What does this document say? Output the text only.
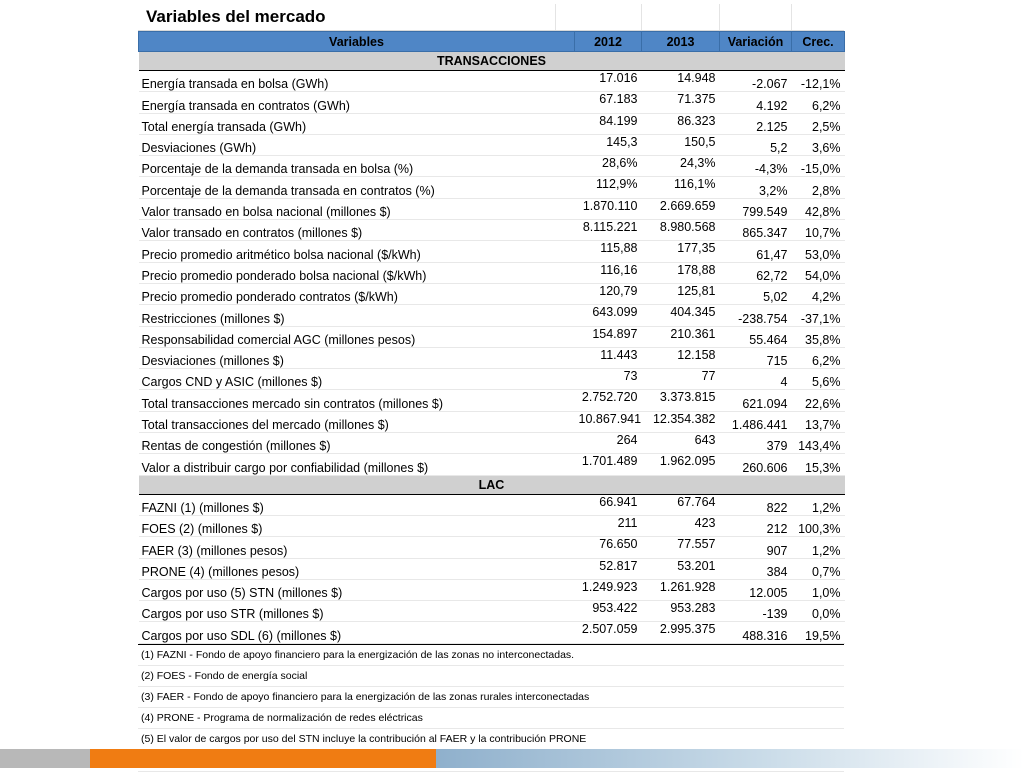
Variables del mercado
Variables	2012	2013	Variación	Crec.
TRANSACCIONES				
Energía transada en bolsa (GWh)	17.016	14.948	-2.067	-12,1%
Energía transada en contratos (GWh)	67.183	71.375	4.192	6,2%
Total energía transada (GWh)	84.199	86.323	2.125	2,5%
Desviaciones (GWh)	145,3	150,5	5,2	3,6%
Porcentaje de la demanda transada en bolsa (%)	28,6%	24,3%	-4,3%	-15,0%
Porcentaje de la demanda transada en contratos (%)	112,9%	116,1%	3,2%	2,8%
Valor transado en bolsa nacional (millones $)	1.870.110	2.669.659	799.549	42,8%
Valor transado en contratos (millones $)	8.115.221	8.980.568	865.347	10,7%
Precio promedio aritmético bolsa nacional ($/kWh)	115,88	177,35	61,47	53,0%
Precio promedio ponderado bolsa nacional ($/kWh)	116,16	178,88	62,72	54,0%
Precio promedio ponderado contratos ($/kWh)	120,79	125,81	5,02	4,2%
Restricciones (millones $)	643.099	404.345	-238.754	-37,1%
Responsabilidad comercial AGC (millones pesos)	154.897	210.361	55.464	35,8%
Desviaciones (millones $)	11.443	12.158	715	6,2%
Cargos CND y ASIC (millones $)	73	77	4	5,6%
Total transacciones mercado sin contratos (millones $)	2.752.720	3.373.815	621.094	22,6%
Total transacciones del mercado (millones $)	10.867.941	12.354.382	1.486.441	13,7%
Rentas de congestión (millones $)	264	643	379	143,4%
Valor a distribuir cargo por confiabilidad (millones $)	1.701.489	1.962.095	260.606	15,3%
LAC				
FAZNI (1) (millones $)	66.941	67.764	822	1,2%
FOES (2) (millones $)	211	423	212	100,3%
FAER (3) (millones pesos)	76.650	77.557	907	1,2%
PRONE (4) (millones pesos)	52.817	53.201	384	0,7%
Cargos por uso (5) STN (millones $)	1.249.923	1.261.928	12.005	1,0%
Cargos por uso STR (millones $)	953.422	953.283	-139	0,0%
Cargos por uso SDL (6) (millones $)	2.507.059	2.995.375	488.316	19,5%
(1) FAZNI - Fondo de apoyo financiero para la energización de las zonas no interconectadas.
(2) FOES - Fondo de energía social
(3) FAER - Fondo de apoyo financiero para la energización de las zonas rurales interconectadas
(4) PRONE - Programa de normalización de redes eléctricas
(5) El valor de cargos por uso del STN incluye la contribución al FAER y la contribución PRONE
